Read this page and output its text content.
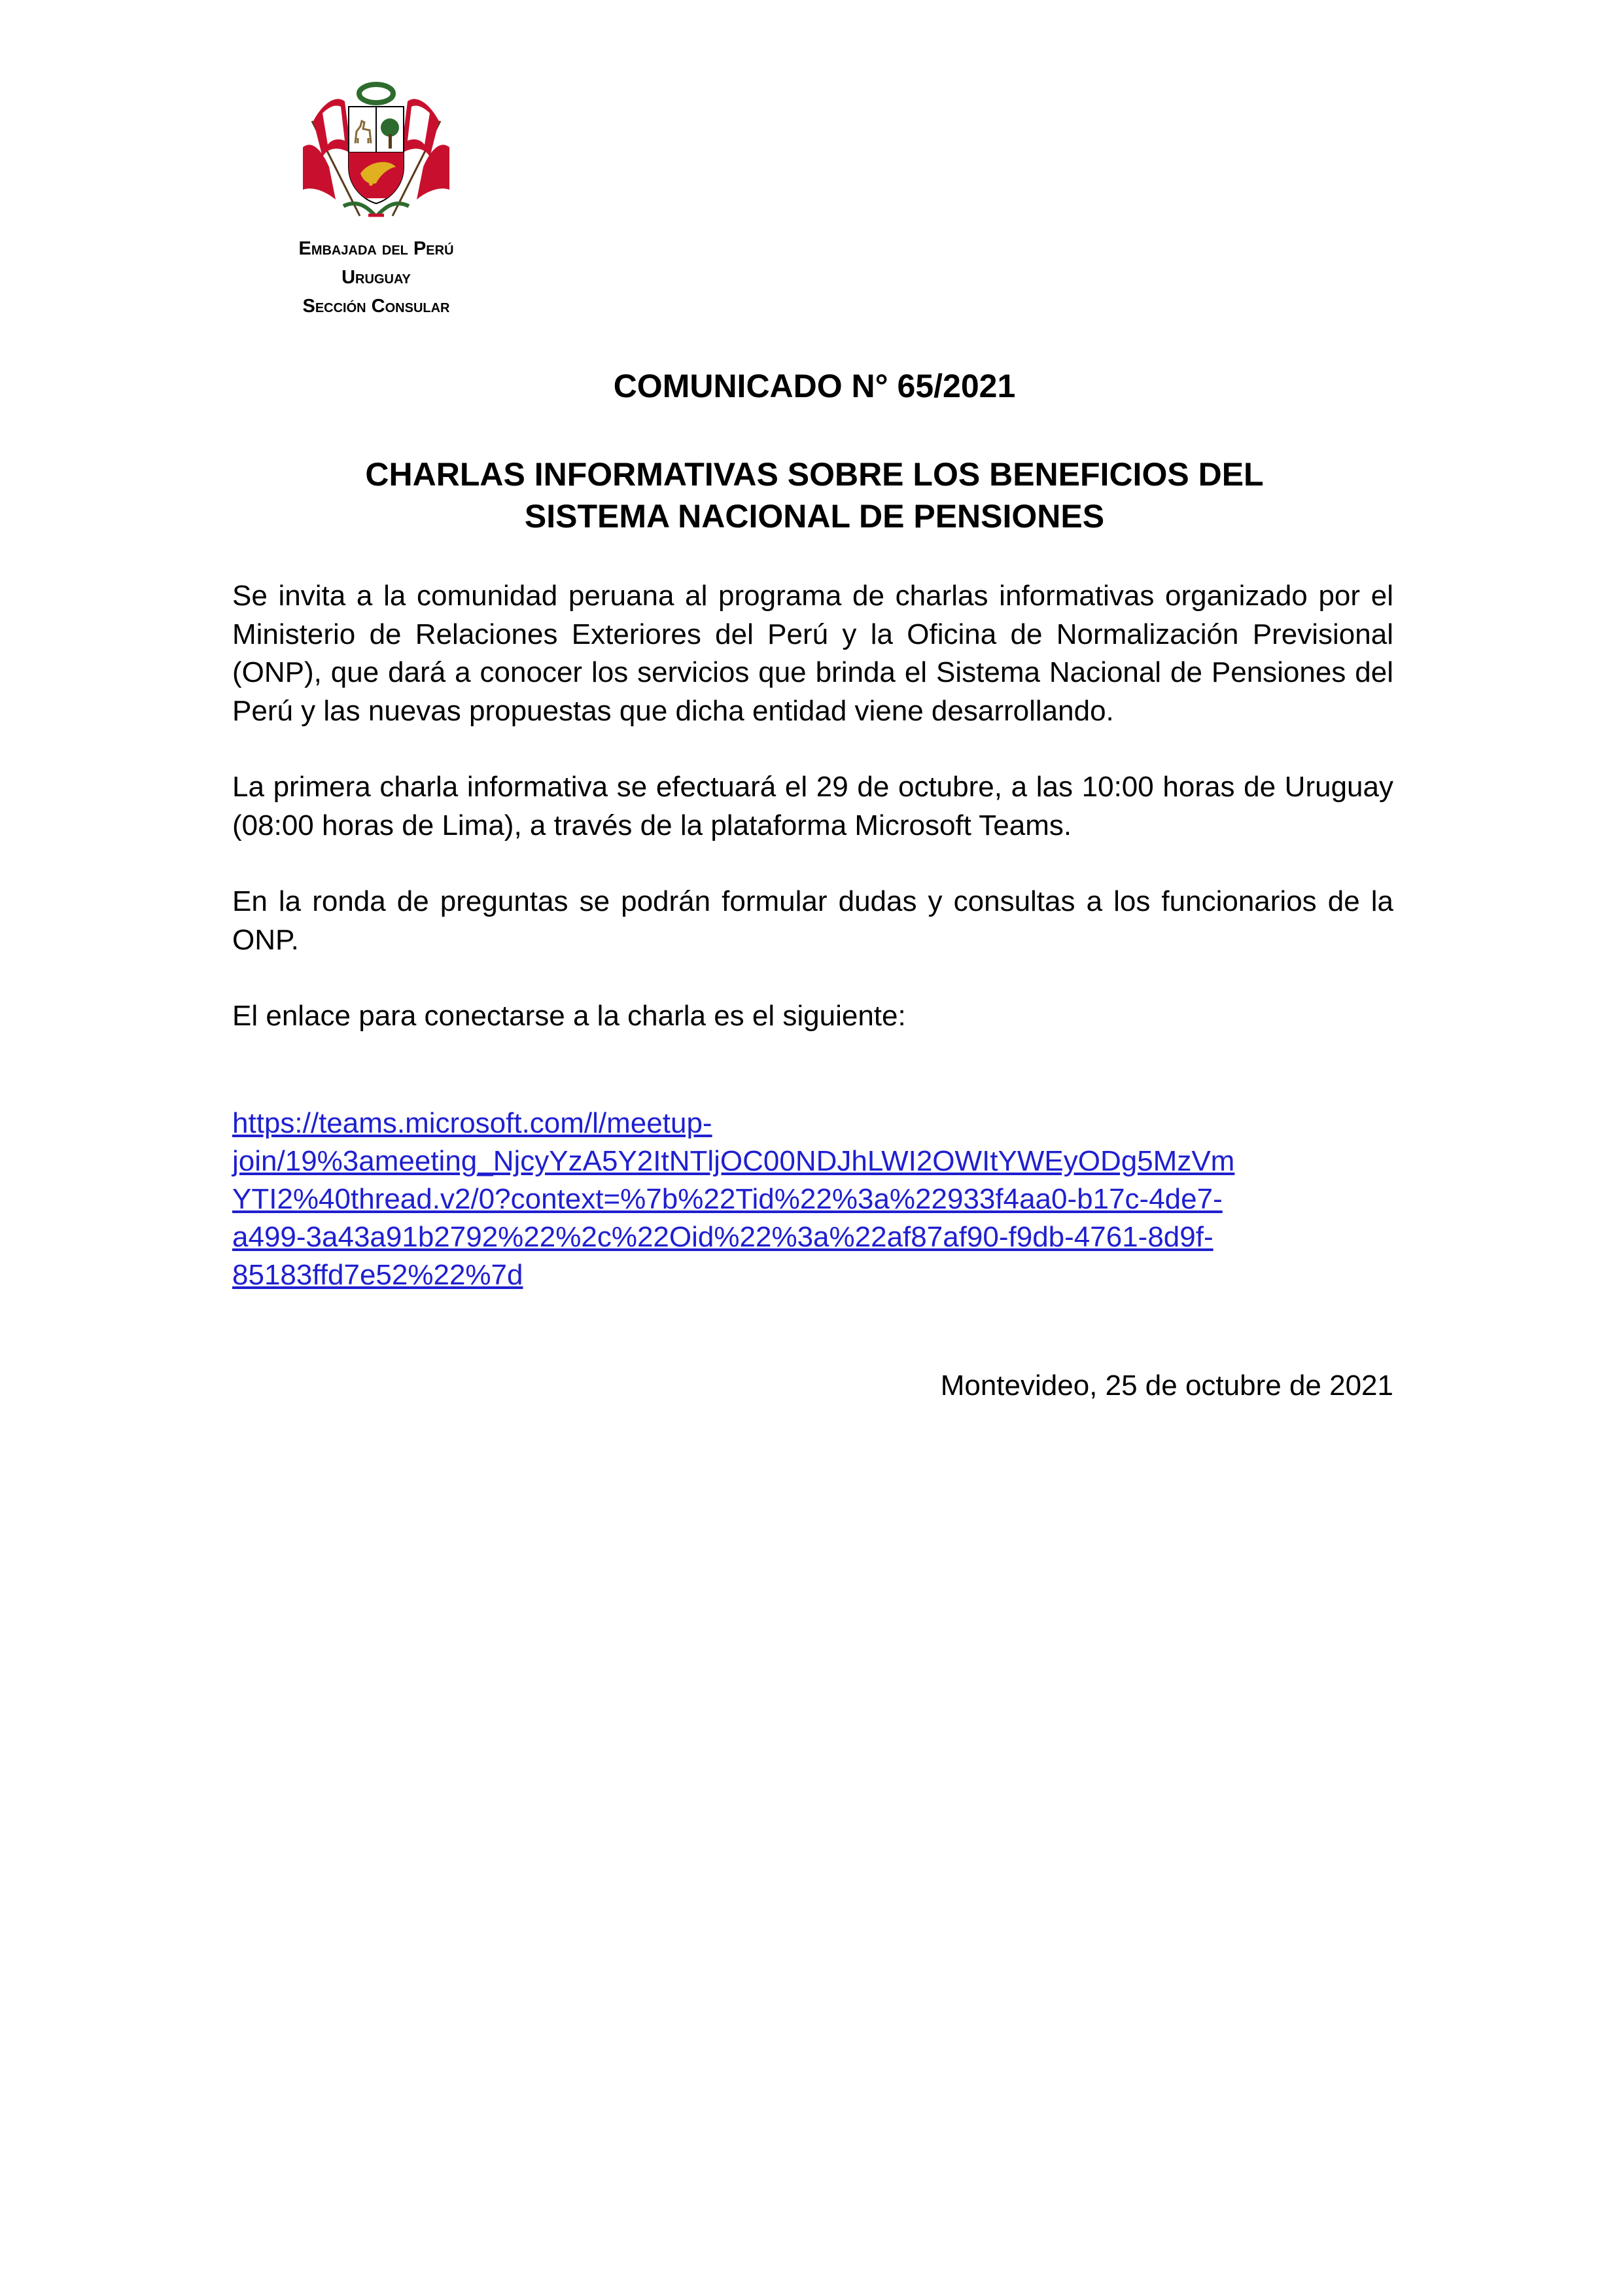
Embajada del Perú
Uruguay
Sección Consular
COMUNICADO N° 65/2021
CHARLAS INFORMATIVAS SOBRE LOS BENEFICIOS DEL
SISTEMA NACIONAL DE PENSIONES

Se invita a la comunidad peruana al programa de charlas informativas organizado por el Ministerio de Relaciones Exteriores del Perú y la Oficina de Normalización Previsional (ONP), que dará a conocer los servicios que brinda el Sistema Nacional de Pensiones del Perú y las nuevas propuestas que dicha entidad viene desarrollando.

La primera charla informativa se efectuará el 29 de octubre, a las 10:00 horas de Uruguay (08:00 horas de Lima), a través de la plataforma Microsoft Teams.

En la ronda de preguntas se podrán formular dudas y consultas a los funcionarios de la ONP.

El enlace para conectarse a la charla es el siguiente:

https://teams.microsoft.com/l/meetup-
join/19%3ameeting_NjcyYzA5Y2ItNTljOC00NDJhLWI2OWItYWEyODg5MzVm
YTI2%40thread.v2/0?context=%7b%22Tid%22%3a%22933f4aa0-b17c-4de7-
a499-3a43a91b2792%22%2c%22Oid%22%3a%22af87af90-f9db-4761-8d9f-
85183ffd7e52%22%7d
Montevideo, 25 de octubre de 2021
